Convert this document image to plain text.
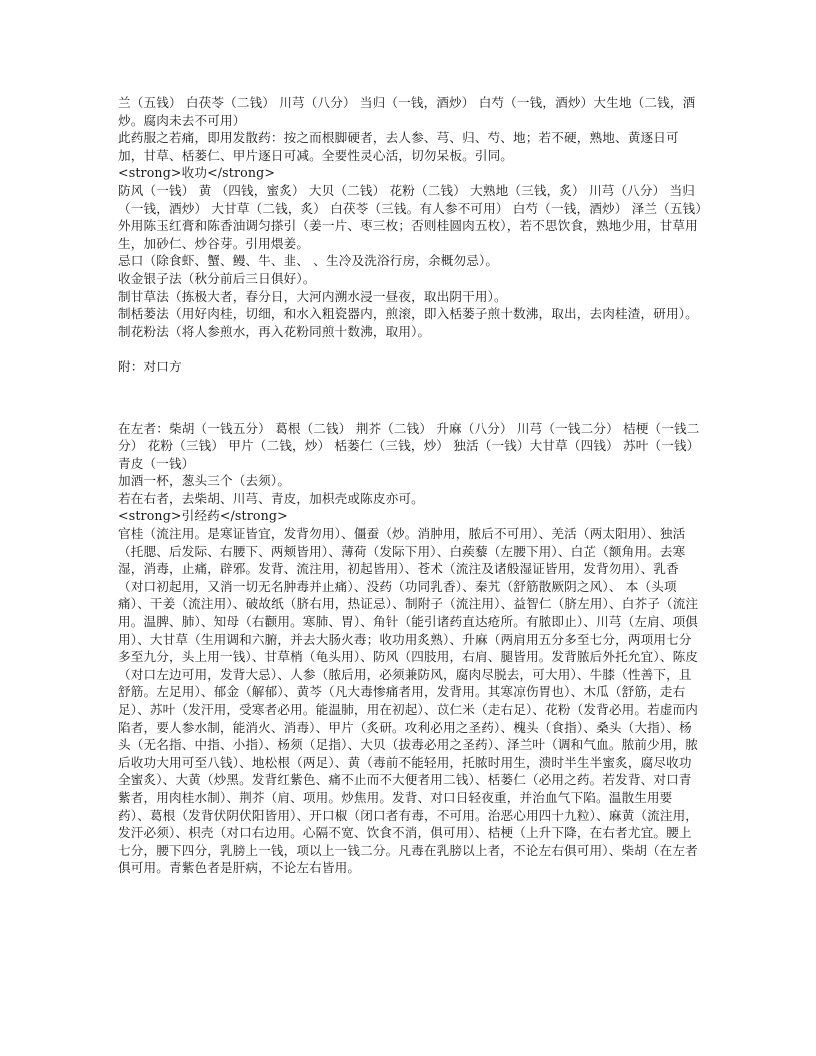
兰（五钱） 白茯苓（二钱） 川芎（八分） 当归（一钱，酒炒） 白芍（一钱，酒炒）大生地（二钱，酒炒。腐肉未去不可用）

此药服之若痛，即用发散药：按之而根脚硬者，去人参、芎、归、芍、地；若不硬，熟地、黄逐日可加，甘草、栝蒌仁、甲片逐日可减。全要性灵心活，切勿呆板。引同。

<strong>收功</strong>

防风（一钱） 黄 （四钱，蜜炙） 大贝（二钱） 花粉（二钱） 大熟地（三钱，炙） 川芎（八分） 当归（一钱，酒炒） 大甘草（二钱，炙） 白茯苓（三钱。有人参不可用） 白芍（一钱，酒炒） 泽兰（五钱）

外用陈玉红膏和陈香油调匀搽引（姜一片、枣三枚；否则桂圆肉五枚），若不思饮食，熟地少用，甘草用生，加砂仁、炒谷芽。引用煨姜。

忌口（除食虾、蟹、鳗、牛、韭、 、生冷及洗浴行房，余概勿忌）。

收金银子法（秋分前后三日俱好）。

制甘草法（拣极大者，春分日，大河内溯水浸一昼夜，取出阴干用）。

制栝蒌法（用好肉桂，切细，和水入粗瓷器内，煎滚，即入栝蒌子煎十数沸，取出，去肉桂渣，研用）。

制花粉法（将人参煎水，再入花粉同煎十数沸，取用）。

附：对口方

在左者：柴胡（一钱五分） 葛根（二钱） 荆芥（二钱） 升麻（八分） 川芎（一钱二分） 桔梗（一钱二分） 花粉（三钱） 甲片（二钱，炒） 栝蒌仁（三钱，炒） 独活（一钱）大甘草（四钱） 苏叶（一钱） 青皮（一钱）

加酒一杯，葱头三个（去须）。

若在右者，去柴胡、川芎、青皮，加枳壳或陈皮亦可。

<strong>引经药</strong>

官桂（流注用。是寒证皆宜，发背勿用）、僵蚕（炒。消肿用，脓后不可用）、羌活（两太阳用）、独活（托腮、后发际、右腰下、两颊皆用）、薄荷（发际下用）、白蒺藜（左腰下用）、白芷（额角用。去寒湿，消毒，止痛，辟邪。发背、流注用，初起皆用）、苍术（流注及诸般湿证皆用，发背勿用）、乳香（对口初起用，又消一切无名肿毒并止痛）、没药（功同乳香）、秦艽（舒筋散厥阴之风）、 本（头项痛）、干姜（流注用）、破故纸（脐右用，热证忌）、制附子（流注用）、益智仁（脐左用）、白芥子（流注用。温脾、肺）、知母（右颧用。寒肺、胃）、角针（能引诸药直达疮所。有脓即止）、川芎（左肩、项俱用）、大甘草（生用调和六腑，并去大肠火毒；收功用炙熟）、升麻（两肩用五分多至七分，两项用七分多至九分，头上用一钱）、甘草梢（龟头用）、防风（四肢用，右肩、腿皆用。发背脓后外托允宜）、陈皮（对口左边可用，发背大忌）、人参（脓后用，必须兼防风，腐肉尽脱去，可大用）、牛膝（性善下，且舒筋。左足用）、郁金（解郁）、黄芩（凡大毒惨痛者用，发背用。其寒凉伤胃也）、木瓜（舒筋，走右足）、苏叶（发汗用，受寒者必用。能温肺，用在初起）、苡仁米（走右足）、花粉（发背必用。若虚而内陷者，要人参水制，能消火、消毒）、甲片（炙研。攻利必用之圣药）、槐头（食指）、桑头（大指）、杨头（无名指、中指、小指）、杨须（足指）、大贝（拔毒必用之圣药）、泽兰叶（调和气血。脓前少用，脓后收功大用可至八钱）、地松根（两足）、黄（毒前不能轻用，托脓时用生，溃时半生半蜜炙，腐尽收功全蜜炙）、大黄（炒黑。发背红紫色、痛不止而不大便者用二钱）、栝蒌仁（必用之药。若发背、对口青紫者，用肉桂水制）、荆芥（肩、项用。炒焦用。发背、对口日轻夜重，并治血气下陷。温散生用要药）、葛根（发背伏阴伏阳皆用）、开口椒（闭口者有毒，不可用。治恶心用四十九粒）、麻黄（流注用，发汗必须）、枳壳（对口右边用。心隔不宽、饮食不消，俱可用）、桔梗（上升下降，在右者尤宜。腰上七分，腰下四分，乳膀上一钱，项以上一钱二分。凡毒在乳膀以上者，不论左右俱可用）、柴胡（在左者俱可用。青紫色者是肝病，不论左右皆用。
